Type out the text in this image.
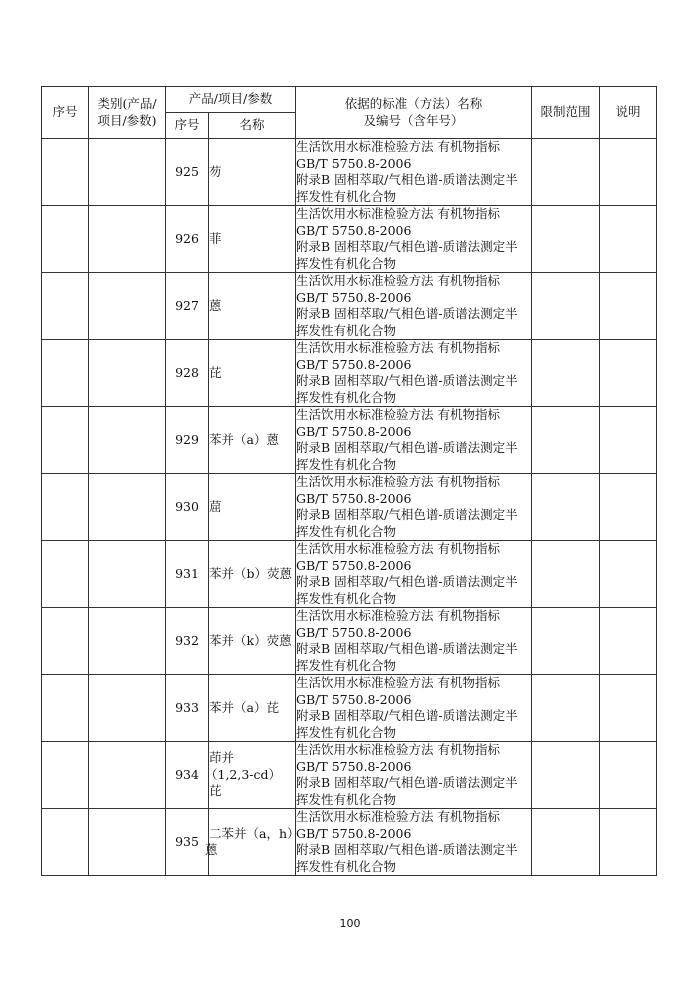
序号	类别(产品/
项目/参数)	产品/项目/参数		依据的标准（方法）名称
及编号（含年号）	限制范围	说明
		序号	名称			
		925	芴	生活饮用水标准检验方法 有机物指标
GB/T 5750.8-2006
附录B 固相萃取/气相色谱-质谱法测定半
挥发性有机化合物		

		926	菲	生活饮用水标准检验方法 有机物指标
GB/T 5750.8-2006
附录B 固相萃取/气相色谱-质谱法测定半
挥发性有机化合物		

		927	蒽	生活饮用水标准检验方法 有机物指标
GB/T 5750.8-2006
附录B 固相萃取/气相色谱-质谱法测定半
挥发性有机化合物		

		928	芘	生活饮用水标准检验方法 有机物指标
GB/T 5750.8-2006
附录B 固相萃取/气相色谱-质谱法测定半
挥发性有机化合物		

		929	苯并（a）蒽	生活饮用水标准检验方法 有机物指标
GB/T 5750.8-2006
附录B 固相萃取/气相色谱-质谱法测定半
挥发性有机化合物		

		930	䓛	生活饮用水标准检验方法 有机物指标
GB/T 5750.8-2006
附录B 固相萃取/气相色谱-质谱法测定半
挥发性有机化合物		

		931	苯并（b）荧蒽	生活饮用水标准检验方法 有机物指标
GB/T 5750.8-2006
附录B 固相萃取/气相色谱-质谱法测定半
挥发性有机化合物		

		932	苯并（k）荧蒽	生活饮用水标准检验方法 有机物指标
GB/T 5750.8-2006
附录B 固相萃取/气相色谱-质谱法测定半
挥发性有机化合物		

		933	苯并（a）芘	生活饮用水标准检验方法 有机物指标
GB/T 5750.8-2006
附录B 固相萃取/气相色谱-质谱法测定半
挥发性有机化合物		

		934	茚并
（1,2,3-cd）
芘	生活饮用水标准检验方法 有机物指标
GB/T 5750.8-2006
附录B 固相萃取/气相色谱-质谱法测定半
挥发性有机化合物		

		935	二苯并（a，h）
蒽	生活饮用水标准检验方法 有机物指标
GB/T 5750.8-2006
附录B 固相萃取/气相色谱-质谱法测定半
挥发性有机化合物		

100
